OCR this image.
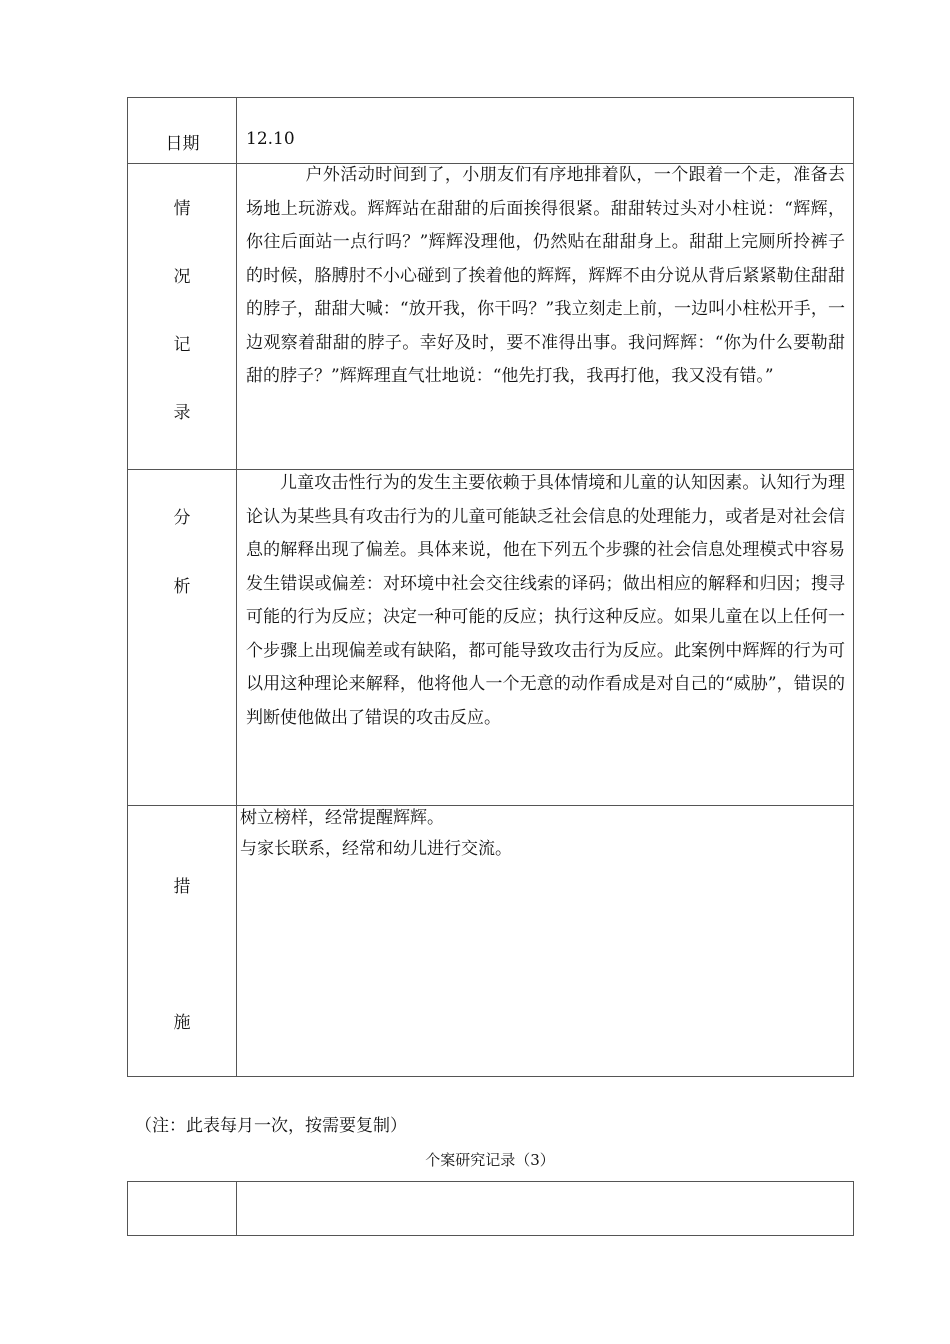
日期	12.10
情
况
记
录
户外活动时间到了，小朋友们有序地排着队，一个跟着一个走，准备去场地上玩游戏。辉辉站在甜甜的后面挨得很紧。甜甜转过头对小柱说：“辉辉，你往后面站一点行吗？”辉辉没理他，仍然贴在甜甜身上。甜甜上完厕所拎裤子的时候，胳膊肘不小心碰到了挨着他的辉辉，辉辉不由分说从背后紧紧勒住甜甜的脖子，甜甜大喊：“放开我，你干吗？”我立刻走上前，一边叫小柱松开手，一边观察着甜甜的脖子。幸好及时，要不准得出事。我问辉辉：“你为什么要勒甜甜的脖子？”辉辉理直气壮地说：“他先打我，我再打他，我又没有错。”
分
析
儿童攻击性行为的发生主要依赖于具体情境和儿童的认知因素。认知行为理论认为某些具有攻击行为的儿童可能缺乏社会信息的处理能力，或者是对社会信息的解释出现了偏差。具体来说，他在下列五个步骤的社会信息处理模式中容易发生错误或偏差：对环境中社会交往线索的译码；做出相应的解释和归因；搜寻可能的行为反应；决定一种可能的反应；执行这种反应。如果儿童在以上任何一个步骤上出现偏差或有缺陷，都可能导致攻击行为反应。此案例中辉辉的行为可以用这种理论来解释，他将他人一个无意的动作看成是对自己的“威胁”，错误的判断使他做出了错误的攻击反应。
措
施
树立榜样，经常提醒辉辉。
与家长联系，经常和幼儿进行交流。
（注：此表每月一次，按需要复制）
个案研究记录（3）
